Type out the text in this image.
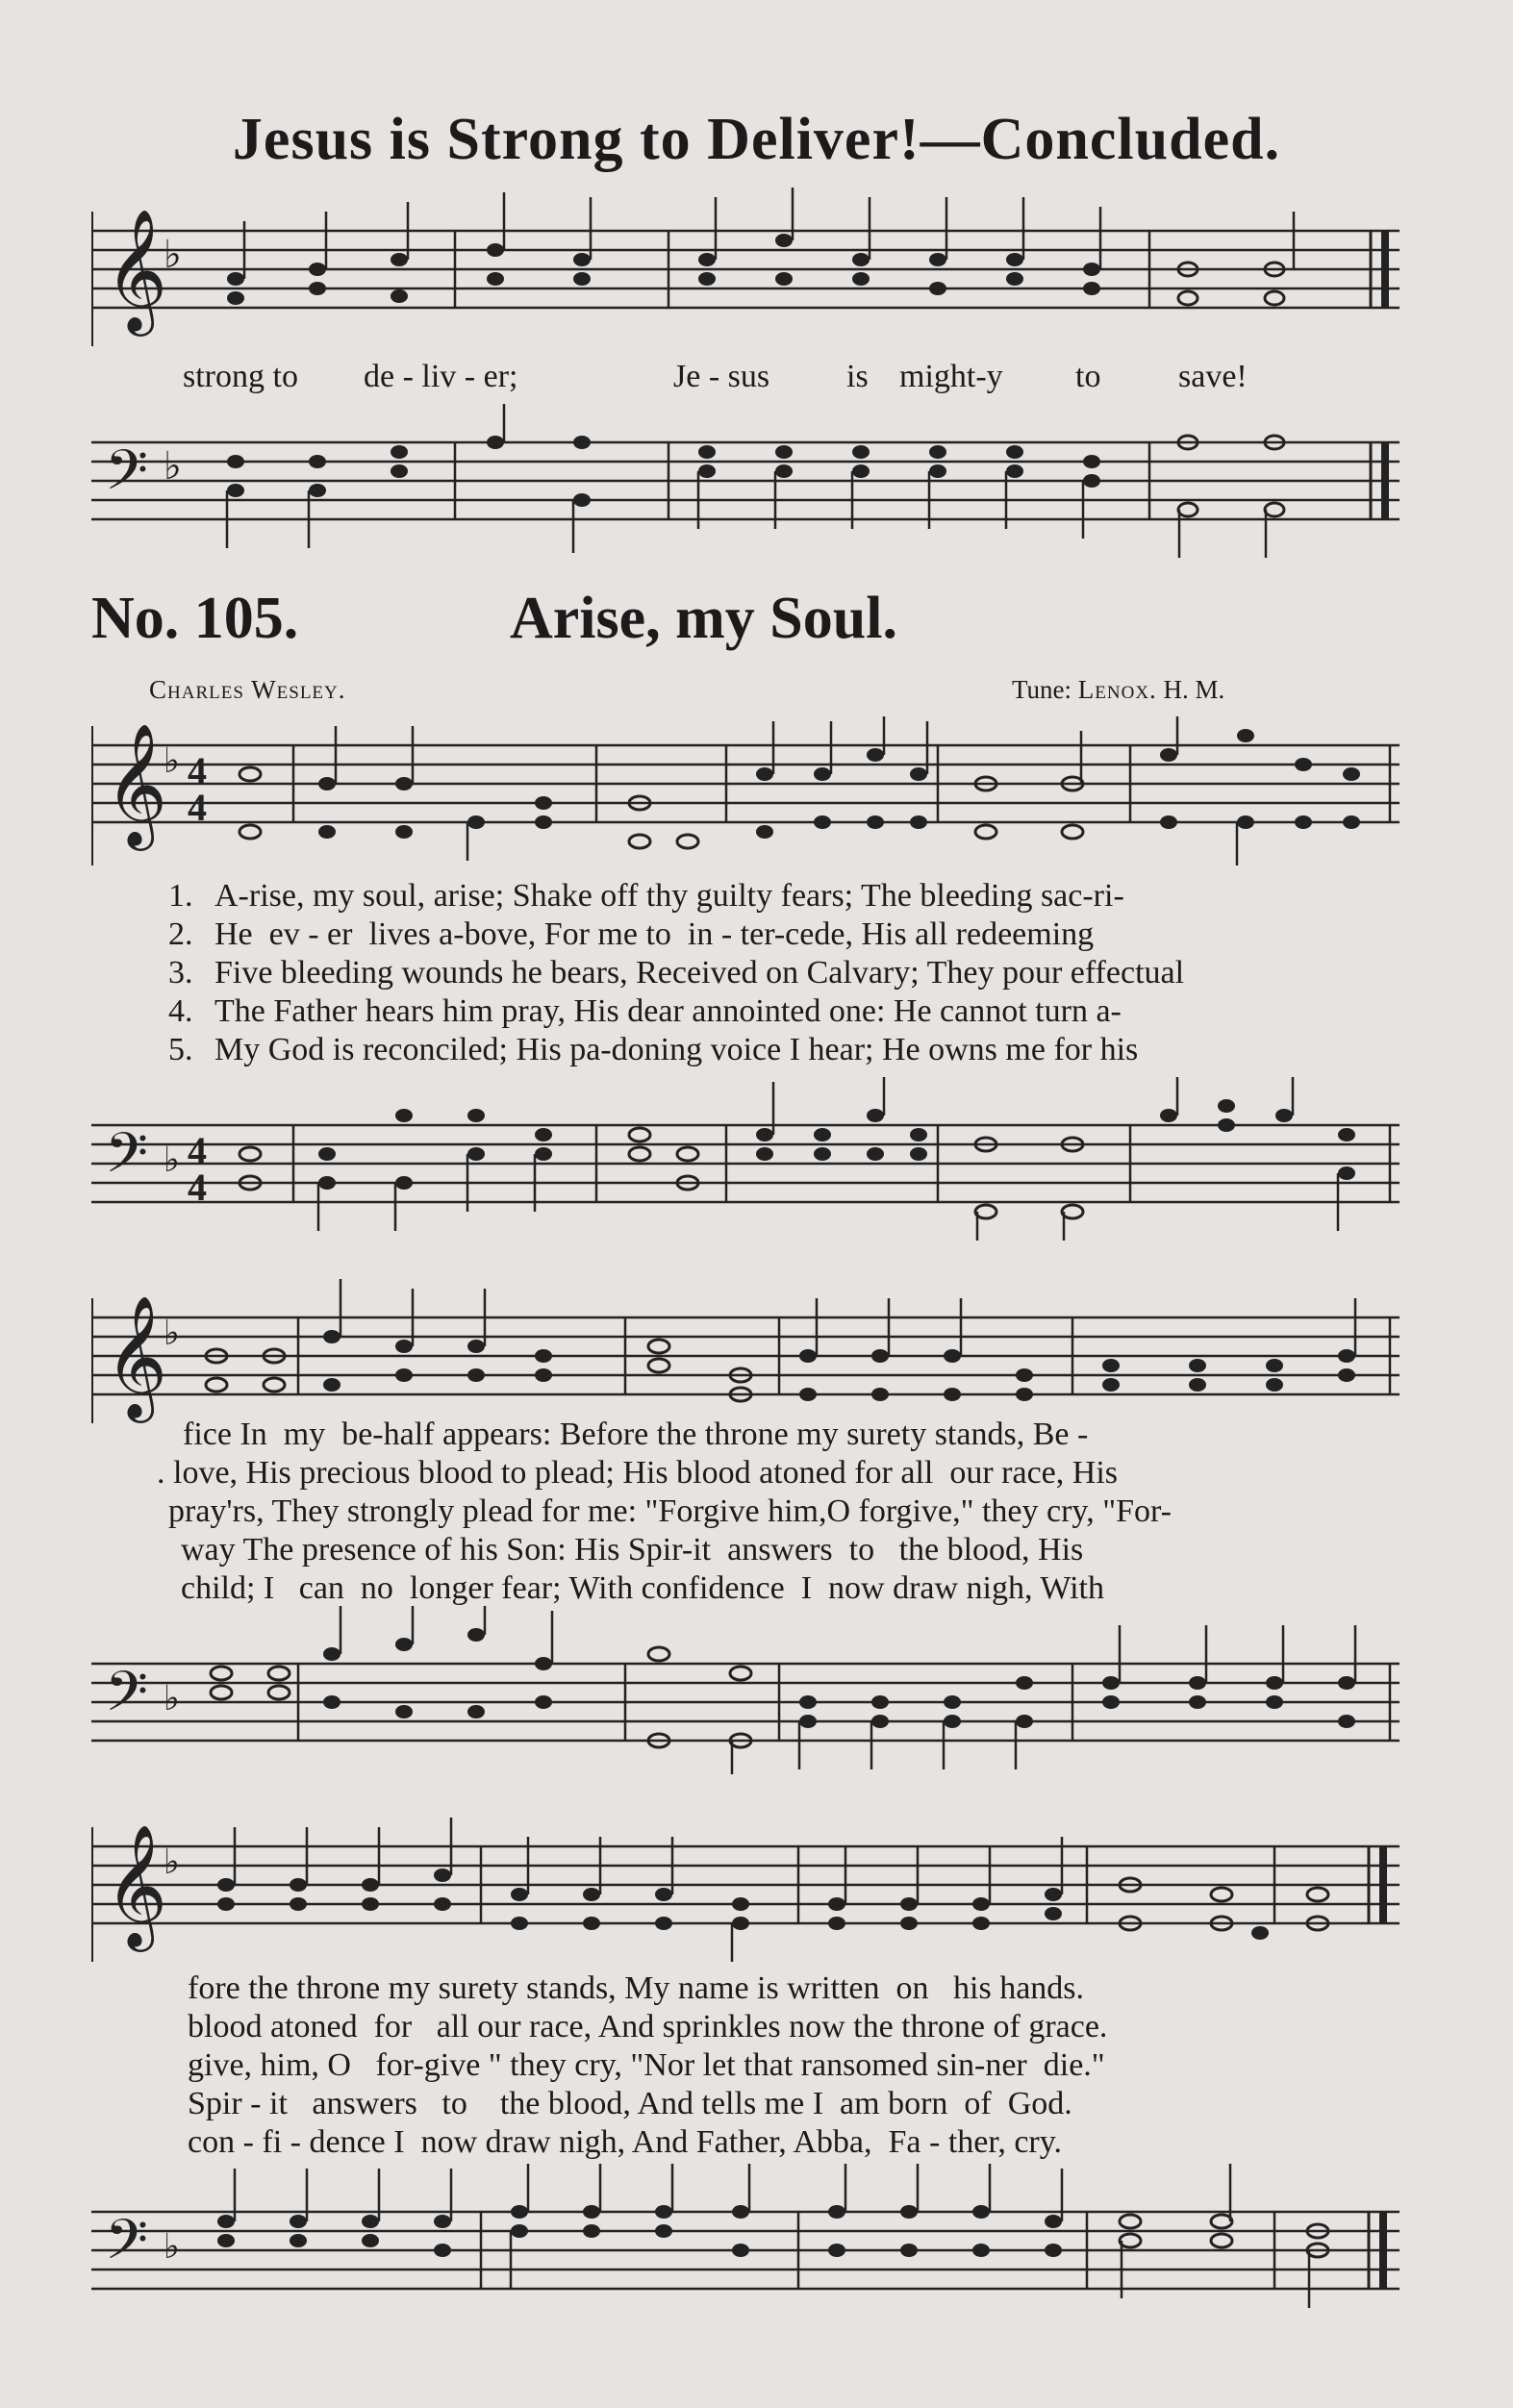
Jesus is Strong to Deliver!—Concluded.
𝄞
♭
strong to de - liv - er;	Je - sus is might-y to save!
𝄢 ♭
No. 105.	Arise, my Soul.
Charles Wesley.	Tune: Lenox. H. M.
𝄞
♭ 4
4
1. A-rise, my soul, arise; Shake off thy guilty fears; The bleeding sac-ri-
2. He  ev - er  lives a-bove, For me to  in - ter-cede, His all redeeming
3. Five bleeding wounds he bears, Received on Calvary; They pour effectual
4. The Father hears him pray, His dear annointed one: He cannot turn a-
5. My God is reconciled; His pa-doning voice I hear; He owns me for his
𝄢 ♭ 4
4
𝄞
♭
fice In  my  be-half appears: Before the throne my surety stands, Be -
. love, His precious blood to plead; His blood atoned for all  our race, His
pray'rs, They strongly plead for me: "Forgive him,O forgive," they cry, "For-
way The presence of his Son: His Spir-it  answers  to   the blood, His
child; I   can  no  longer fear; With confidence  I  now draw nigh, With
𝄢 ♭
𝄞
♭
fore the throne my surety stands, My name is written  on   his hands.
blood atoned  for   all our race, And sprinkles now the throne of grace.
give, him, O   for-give " they cry, "Nor let that ransomed sin-ner  die."
Spir - it   answers   to    the blood, And tells me I  am born  of  God.
con - fi - dence I  now draw nigh, And Father, Abba,  Fa - ther, cry.
𝄢 ♭
